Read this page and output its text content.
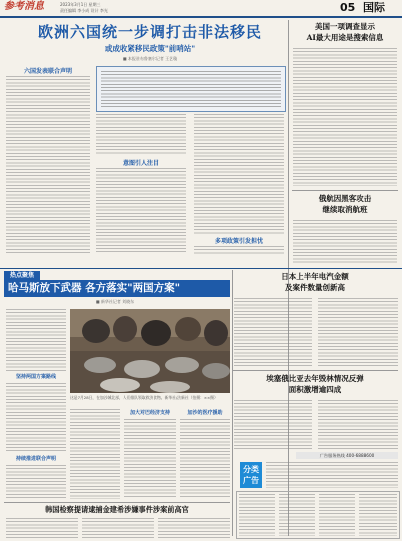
参考消息	2023年3月1日 星期三
责任编辑 李小成 设计 李光	05 国际
欧洲六国统一步调打击非法移民
或成收紧移民政策"前哨站"
■ 本报驻布鲁塞尔记者 王艺璇
六国发表联合声明
意图引人注目
多项政策引发担忧
美国一项调查显示
AI最大用途是搜索信息
俄航因黑客攻击
继续取消航班
日本上半年电汽金额
及案件数量创新高
埃塞俄比亚去年毁林情况反弹
面积激增逾四成
广告服务热线 400-6888600
分类
广告
热点聚焦
哈马斯放下武器 各方落实"两国方案"
■ 新华社记者 刘晓东
坚持两国方案路线
持续推进联合声明
这是7月28日，在加沙城北部，人们排队领取救济食物。新华社/法新社（拍摄：××摄）
加大对巴经济支持	加沙的医疗援助
韩国检察提请逮捕金建希涉嫌事件涉案前高官
